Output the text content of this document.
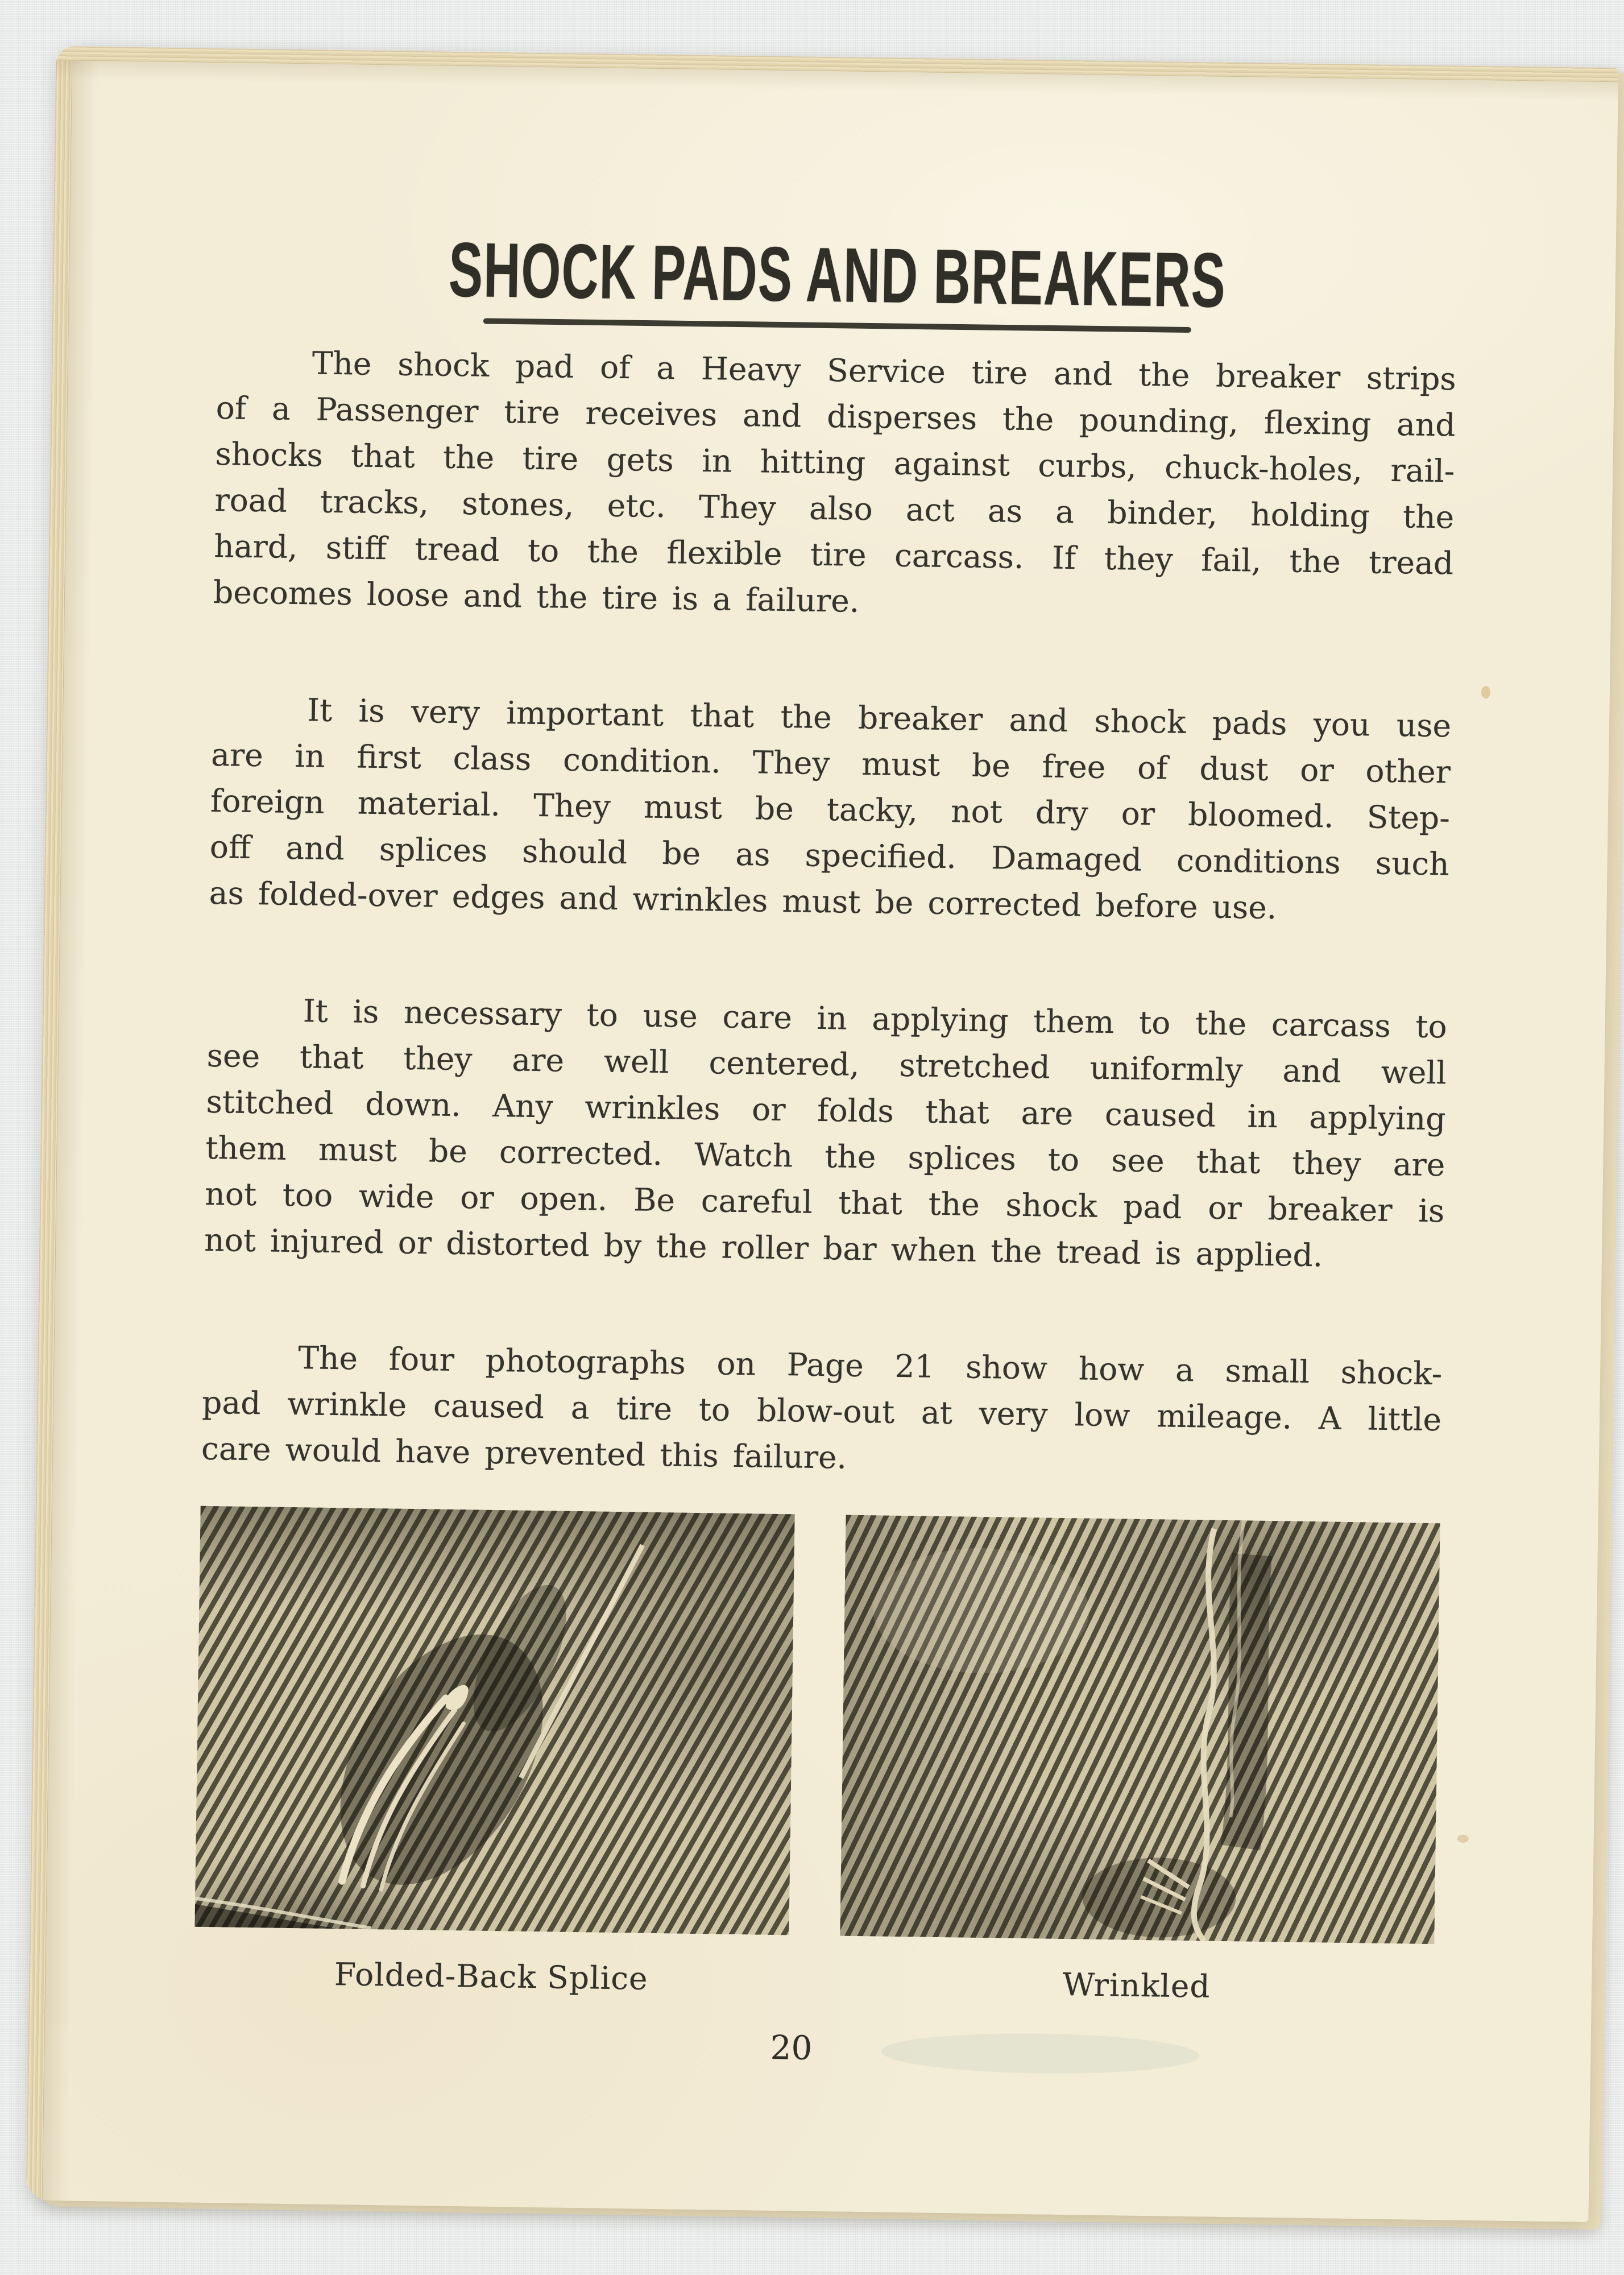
SHOCK PADS AND BREAKERS
The shock pad of a Heavy Service tire and the breaker strips
of a Passenger tire receives and disperses the pounding, flexing and
shocks that the tire gets in hitting against curbs, chuck-holes, rail-
road tracks, stones, etc. They also act as a binder, holding the
hard, stiff tread to the flexible tire carcass. If they fail, the tread
becomes loose and the tire is a failure.
It is very important that the breaker and shock pads you use
are in first class condition. They must be free of dust or other
foreign material. They must be tacky, not dry or bloomed. Step-
off and splices should be as specified. Damaged conditions such
as folded-over edges and wrinkles must be corrected before use.
It is necessary to use care in applying them to the carcass to
see that they are well centered, stretched uniformly and well
stitched down. Any wrinkles or folds that are caused in applying
them must be corrected. Watch the splices to see that they are
not too wide or open. Be careful that the shock pad or breaker is
not injured or distorted by the roller bar when the tread is applied.
The four photographs on Page 21 show how a small shock-
pad wrinkle caused a tire to blow-out at very low mileage. A little
care would have prevented this failure.
Folded-Back Splice	Wrinkled
20
